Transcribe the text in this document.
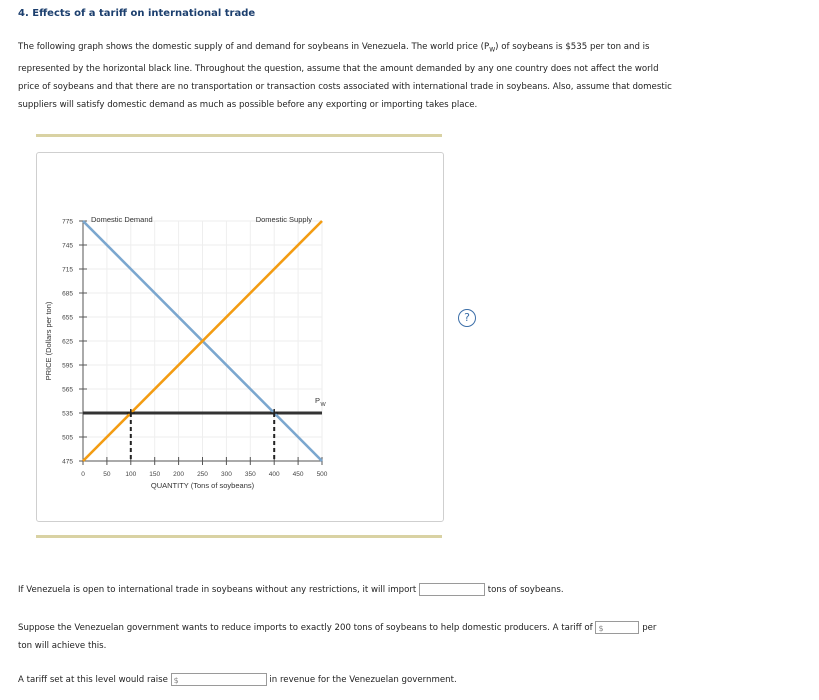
4. Effects of a tariff on international trade
The following graph shows the domestic supply of and demand for soybeans in Venezuela. The world price $(P_W)$ of soybeans is $535 per ton and is
represented by the horizontal black line. Throughout the question, assume that the amount demanded by any one country does not affect the world
price of soybeans and that there are no transportation or transaction costs associated with international trade in soybeans. Also, assume that domestic
suppliers will satisfy domestic demand as much as possible before any exporting or importing takes place.
?
475
505
535
565
595
625
655
685
715
745
775
0	50 100 150 200 250 300 350 400 450 500
QUANTITY (Tons of soybeans)
PRICE (Dollars per ton)
P W
Domestic Demand	Domestic Supply
If Venezuela is open to international trade in soybeans without any restrictions, it will import	tons of soybeans.
Suppose the Venezuelan government wants to reduce imports to exactly 200 tons of soybeans to help domestic producers. A tariff of $	per
ton will achieve this.
A tariff set at this level would raise $	in revenue for the Venezuelan government.
